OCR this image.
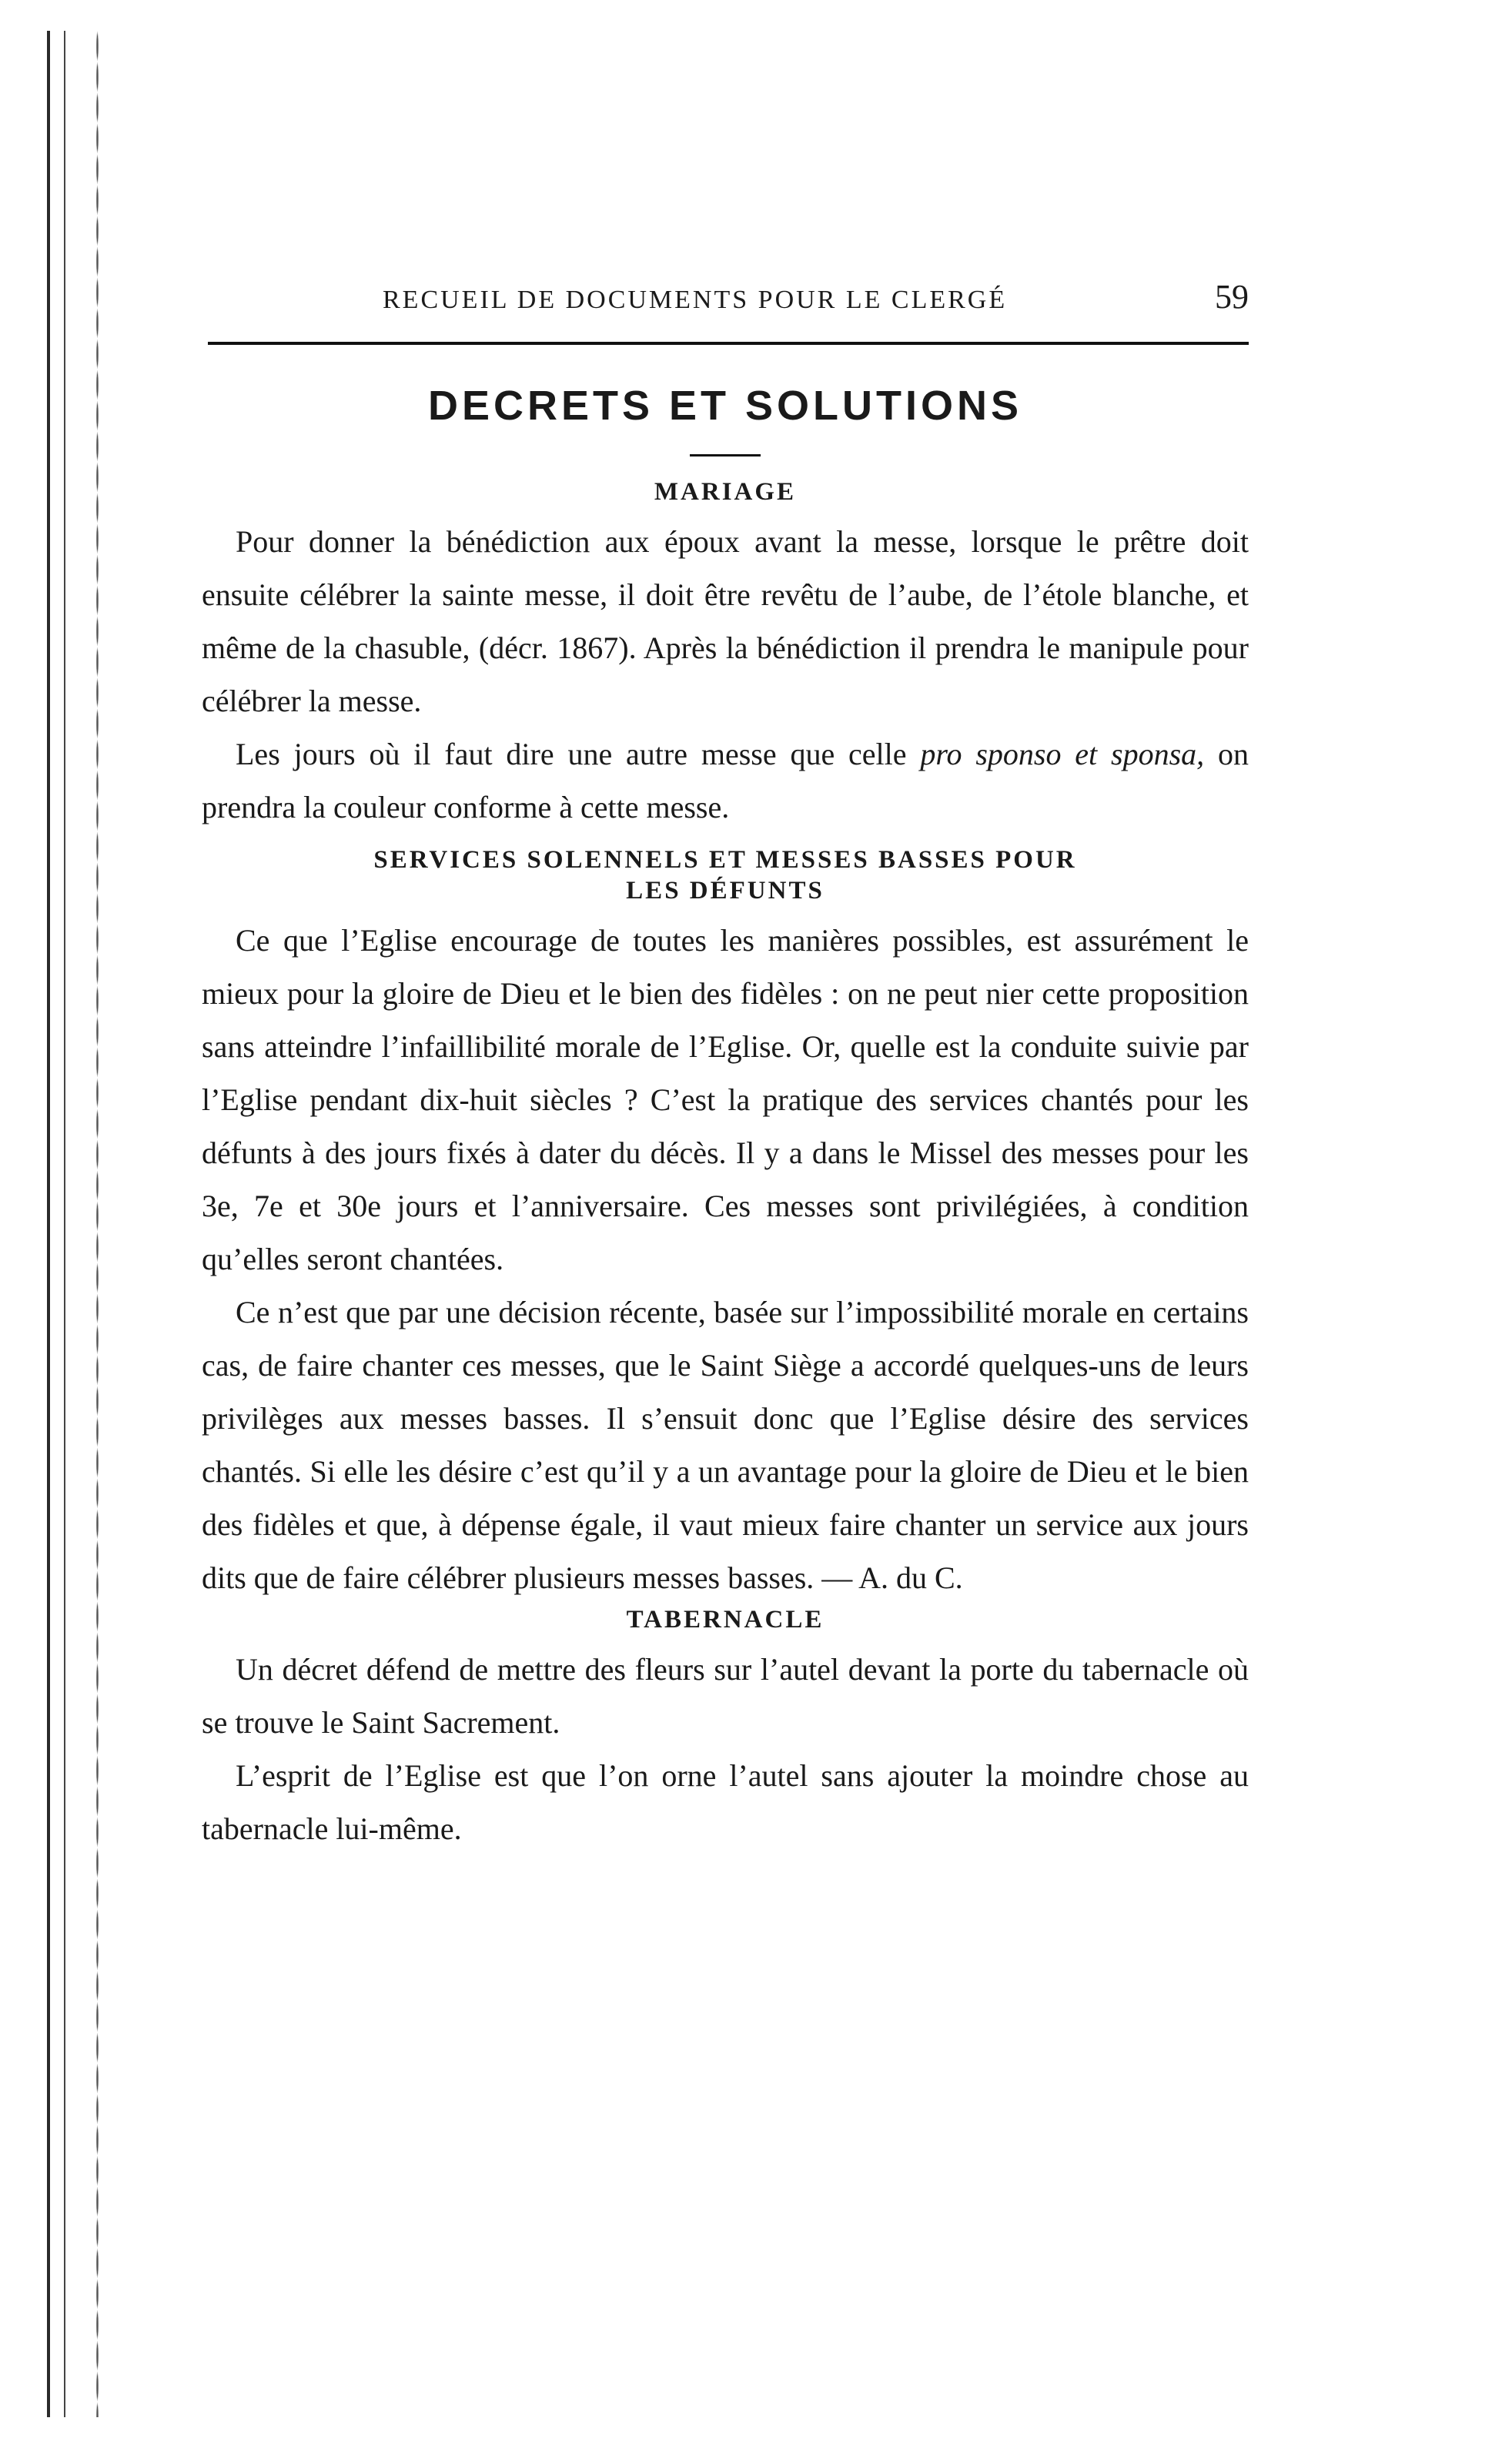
RECUEIL DE DOCUMENTS POUR LE CLERGÉ	59
DECRETS ET SOLUTIONS
MARIAGE

Pour donner la bénédiction aux époux avant la messe, lorsque le prêtre doit ensuite célébrer la sainte messe, il doit être revêtu de l’aube, de l’étole blanche, et même de la chasuble, (décr. 1867). Après la bénédiction il prendra le manipule pour célébrer la messe.

Les jours où il faut dire une autre messe que celle pro sponso et sponsa, on prendra la couleur conforme à cette messe.

SERVICES SOLENNELS ET MESSES BASSES POUR
LES DÉFUNTS

Ce que l’Eglise encourage de toutes les manières possibles, est assurément le mieux pour la gloire de Dieu et le bien des fidèles : on ne peut nier cette proposition sans atteindre l’infaillibilité morale de l’Eglise. Or, quelle est la conduite suivie par l’Eglise pendant dix-huit siècles ? C’est la pratique des services chantés pour les défunts à des jours fixés à dater du décès. Il y a dans le Missel des messes pour les 3e, 7e et 30e jours et l’anniversaire. Ces messes sont privilégiées, à condition qu’elles seront chantées.

Ce n’est que par une décision récente, basée sur l’impossibilité morale en certains cas, de faire chanter ces messes, que le Saint Siège a accordé quelques-uns de leurs privilèges aux messes basses. Il s’ensuit donc que l’Eglise désire des services chantés. Si elle les désire c’est qu’il y a un avantage pour la gloire de Dieu et le bien des fidèles et que, à dépense égale, il vaut mieux faire chanter un service aux jours dits que de faire célébrer plusieurs messes basses. — A. du C.

TABERNACLE

Un décret défend de mettre des fleurs sur l’autel devant la porte du tabernacle où se trouve le Saint Sacrement.

L’esprit de l’Eglise est que l’on orne l’autel sans ajouter la moindre chose au tabernacle lui-même.
